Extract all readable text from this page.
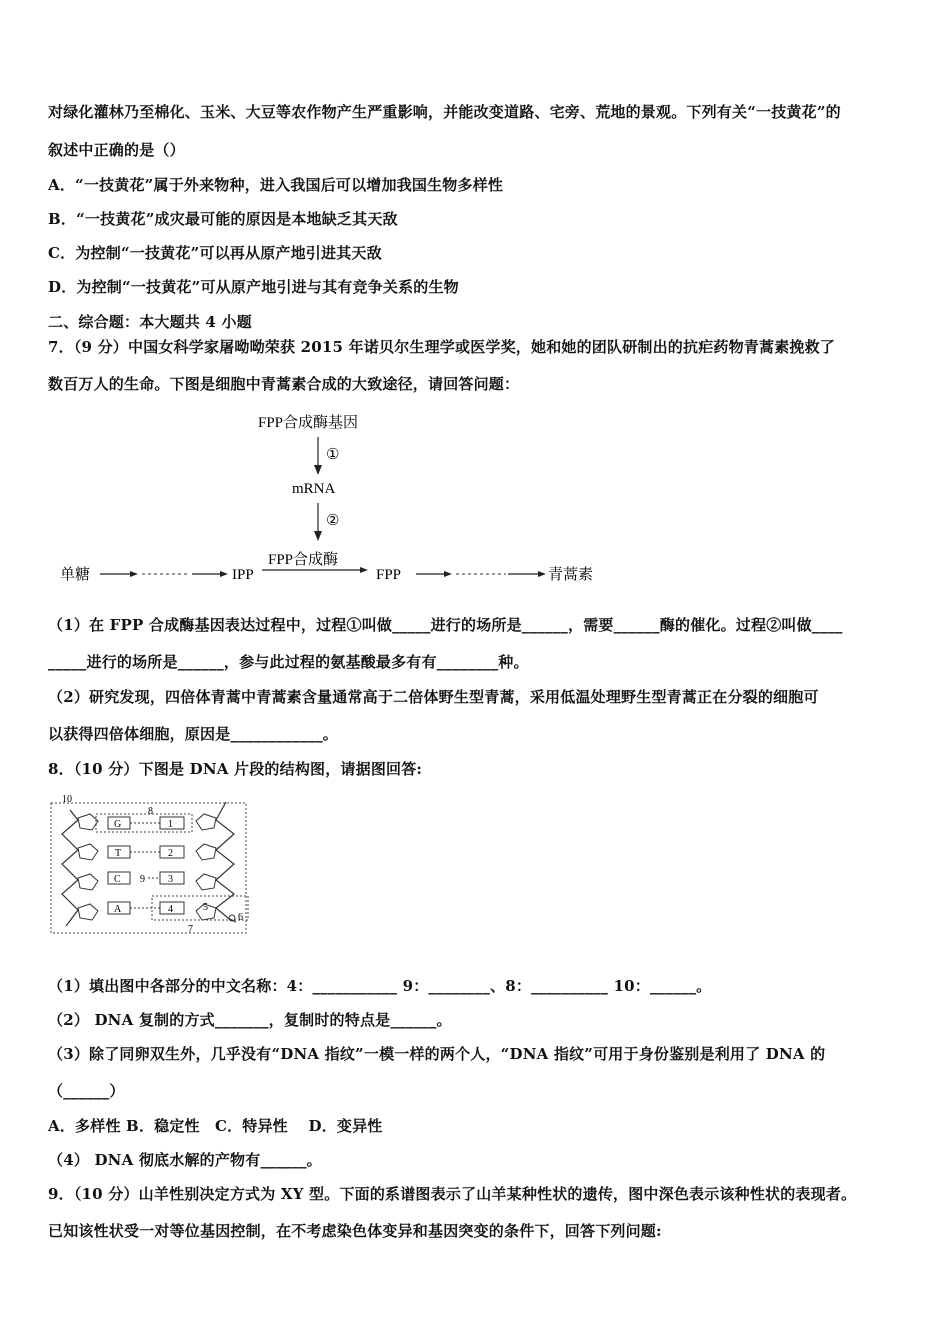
对绿化灌林乃至棉化、玉米、大豆等农作物产生严重影响，并能改变道路、宅旁、荒地的景观。下列有关“一技黄花”的
叙述中正确的是（）
A．“一技黄花”属于外来物种，进入我国后可以增加我国生物多样性
B．“一技黄花”成灾最可能的原因是本地缺乏其天敌
C．为控制“一技黄花”可以再从原产地引进其天敌
D．为控制“一技黄花”可从原产地引进与其有竞争关系的生物
二、综合题：本大题共 4 小题
7．（9 分）中国女科学家屠呦呦荣获 2015 年诺贝尔生理学或医学奖，她和她的团队研制出的抗疟药物青蒿素挽救了
数百万人的生命。下图是细胞中青蒿素合成的大致途径，请回答问题：
FPP合成酶基因
①
mRNA
②
FPP合成酶
单糖	IPP	FPP	青蒿素
（1）在 FPP 合成酶基因表达过程中，过程①叫做_____进行的场所是______，需要______酶的催化。过程②叫做____
_____进行的场所是______，参与此过程的氨基酸最多有有________种。
（2）研究发现，四倍体青蒿中青蒿素含量通常高于二倍体野生型青蒿，采用低温处理野生型青蒿正在分裂的细胞可
以获得四倍体细胞，原因是____________。
8．（10 分）下图是 DNA 片段的结构图，请据图回答:
10
8
G	1
T	2
C 9 3
A	4	5
6
7
（1）填出图中各部分的中文名称：4：___________ 9：________、8：__________ 10：______。
（2） DNA 复制的方式_______，复制时的特点是______。
（3）除了同卵双生外，几乎没有“DNA 指纹”一模一样的两个人，“DNA 指纹”可用于身份鉴别是利用了 DNA 的
（______）
A．多样性 B．稳定性　C．特异性　 D．变异性
（4） DNA 彻底水解的产物有______。
9．（10 分）山羊性别决定方式为 XY 型。下面的系谱图表示了山羊某种性状的遗传，图中深色表示该种性状的表现者。
已知该性状受一对等位基因控制，在不考虑染色体变异和基因突变的条件下，回答下列问题:
